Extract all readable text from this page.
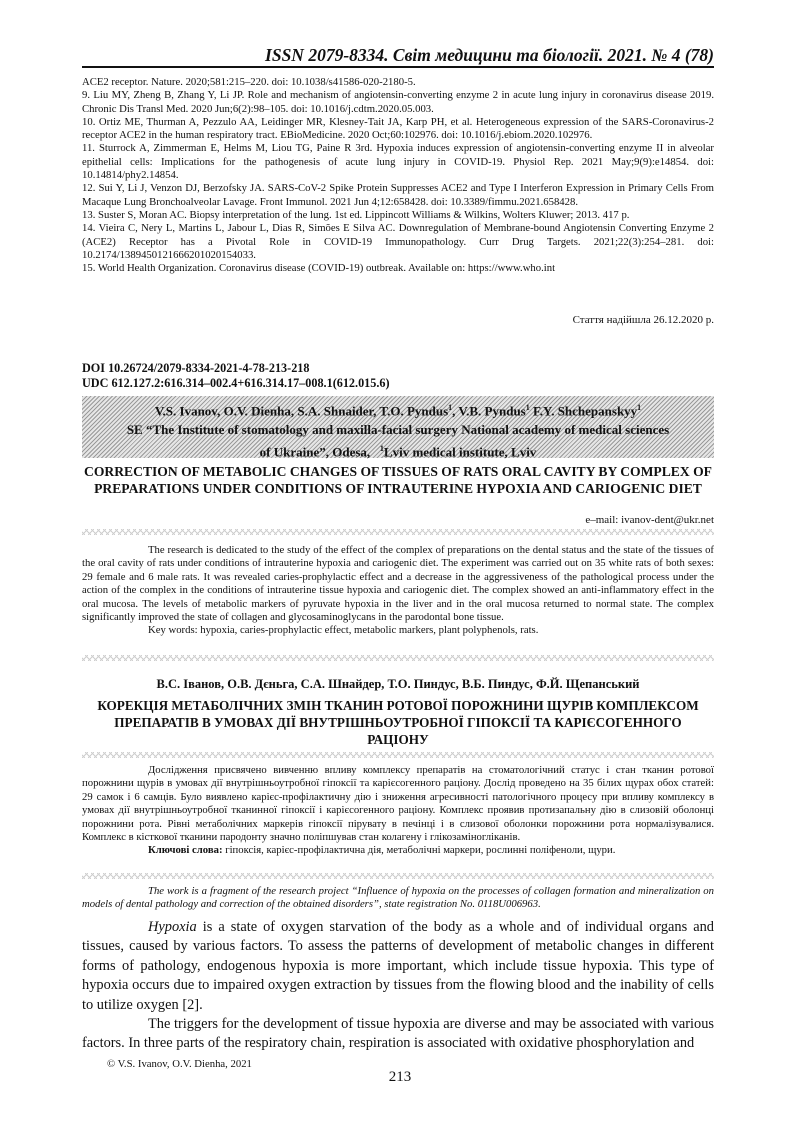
ISSN 2079-8334. Світ медицини та біології. 2021. № 4 (78)

ACE2 receptor. Nature. 2020;581:215–220. doi: 10.1038/s41586-020-2180-5.

9. Liu MY, Zheng B, Zhang Y, Li JP. Role and mechanism of angiotensin-converting enzyme 2 in acute lung injury in coronavirus disease 2019. Chronic Dis Transl Med. 2020 Jun;6(2):98–105. doi: 10.1016/j.cdtm.2020.05.003.

10. Ortiz ME, Thurman A, Pezzulo AA, Leidinger MR, Klesney-Tait JA, Karp PH, et al. Heterogeneous expression of the SARS-Coronavirus-2 receptor ACE2 in the human respiratory tract. EBioMedicine. 2020 Oct;60:102976. doi: 10.1016/j.ebiom.2020.102976.

11. Sturrock A, Zimmerman E, Helms M, Liou TG, Paine R 3rd. Hypoxia induces expression of angiotensin-converting enzyme II in alveolar epithelial cells: Implications for the pathogenesis of acute lung injury in COVID-19. Physiol Rep. 2021 May;9(9):e14854. doi: 10.14814/phy2.14854.

12. Sui Y, Li J, Venzon DJ, Berzofsky JA. SARS-CoV-2 Spike Protein Suppresses ACE2 and Type I Interferon Expression in Primary Cells From Macaque Lung Bronchoalveolar Lavage. Front Immunol. 2021 Jun 4;12:658428. doi: 10.3389/fimmu.2021.658428.

13. Suster S, Moran AC. Biopsy interpretation of the lung. 1st ed. Lippincott Williams & Wilkins, Wolters Kluwer; 2013. 417 p.

14. Vieira C, Nery L, Martins L, Jabour L, Dias R, Simões E Silva AC. Downregulation of Membrane-bound Angiotensin Converting Enzyme 2 (ACE2) Receptor has a Pivotal Role in COVID-19 Immunopathology. Curr Drug Targets. 2021;22(3):254–281. doi: 10.2174/1389450121666201020154033.

15. World Health Organization. Coronavirus disease (COVID-19) outbreak. Available on: https://www.who.int

Стаття надійшла 26.12.2020 р.
DOI 10.26724/2079-8334-2021-4-78-213-218
UDC 612.127.2:616.314–002.4+616.314.17–008.1(612.015.6)
V.S. Ivanov, O.V. Dienha, S.A. Shnaider, T.O. Pyndus$^1$, V.B. Pyndus$^1$ F.Y. Shchepanskyy$^1$
SE “The Institute of stomatology and maxilla-facial surgery National academy of medical sciences
of Ukraine”, Odesa, $^1$Lviv medical institute, Lviv
CORRECTION OF METABOLIC CHANGES OF TISSUES OF RATS ORAL CAVITY BY COMPLEX OF PREPARATIONS UNDER CONDITIONS OF INTRAUTERINE HYPOXIA AND CARIOGENIC DIET
e–mail: ivanov-dent@ukr.net

The research is dedicated to the study of the effect of the complex of preparations on the dental status and the state of the tissues of the oral cavity of rats under conditions of intrauterine hypoxia and cariogenic diet. The experiment was carried out on 35 white rats of both sexes: 29 female and 6 male rats. It was revealed caries-prophylactic effect and a decrease in the aggressiveness of the pathological process under the action of the complex in the conditions of intrauterine tissue hypoxia and cariogenic diet. The complex showed an anti-inflammatory effect in the oral mucosa. The levels of metabolic markers of pyruvate hypoxia in the liver and in the oral mucosa returned to normal state. The complex significantly improved the state of collagen and glycosaminoglycans in the parodontal bone tissue.

Key words: hypoxia, caries-prophylactic effect, metabolic markers, plant polyphenols, rats.

В.С. Іванов, О.В. Дєньга, С.А. Шнайдер, Т.О. Пиндус, В.Б. Пиндус, Ф.Й. Щепанський
КОРЕКЦІЯ МЕТАБОЛІЧНИХ ЗМІН ТКАНИН РОТОВОЇ ПОРОЖНИНИ ЩУРІВ КОМПЛЕКСОМ ПРЕПАРАТІВ В УМОВАХ ДІЇ ВНУТРІШНЬОУТРОБНОЇ ГІПОКСІЇ ТА КАРІЄСОГЕННОГО РАЦІОНУ

Дослідження присвячено вивченню впливу комплексу препаратів на стоматологічний статус і стан тканин ротової порожнини щурів в умовах дії внутрішньоутробної гіпоксії та карієсогенного раціону. Дослід проведено на 35 білих щурах обох статей: 29 самок і 6 самців. Було виявлено карієс-профілактичну дію і зниження агресивності патологічного процесу при впливу комплексу в умовах дії внутрішньоутробної тканинної гіпоксії і карієсогенного раціону. Комплекс проявив протизапальну дію в слизовій оболонці порожнини рота. Рівні метаболічних маркерів гіпоксії пірувату в печінці і в слизової оболонки порожнини рота нормалізувалися. Комплекс в кісткової тканини пародонту значно поліпшував стан колагену і глікозаміногліканів.

Ключові слова: гіпоксія, карієс-профілактична дія, метаболічні маркери, рослинні поліфеноли, щури.

The work is a fragment of the research project “Influence of hypoxia on the processes of collagen formation and mineralization on models of dental pathology and correction of the obtained disorders”, state registration No. 0118U006963.

Hypoxia is a state of oxygen starvation of the body as a whole and of individual organs and tissues, caused by various factors. To assess the patterns of development of metabolic changes in different forms of pathology, endogenous hypoxia is more important, which include tissue hypoxia. This type of hypoxia occurs due to impaired oxygen extraction by tissues from the flowing blood and the inability of cells to utilize oxygen [2].

The triggers for the development of tissue hypoxia are diverse and may be associated with various factors. In three parts of the respiratory chain, respiration is associated with oxidative phosphorylation and

© V.S. Ivanov, O.V. Dienha, 2021
213
